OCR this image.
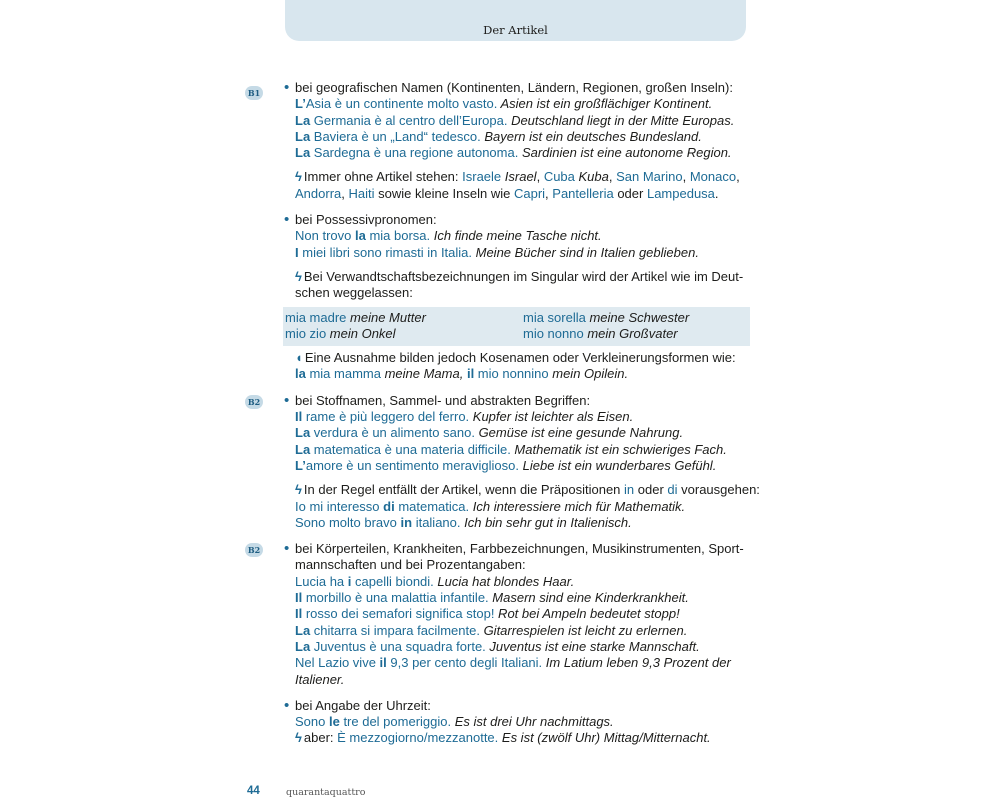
Der Artikel
B1 • bei geografischen Namen (Kontinenten, Ländern, Regionen, großen Inseln):
L’Asia è un continente molto vasto. Asien ist ein großflächiger Kontinent.
La Germania è al centro dell’Europa. Deutschland liegt in der Mitte Europas.
La Baviera è un „Land“ tedesco. Bayern ist ein deutsches Bundesland.
La Sardegna è una regione autonoma. Sardinien ist eine autonome Region.
ϟ Immer ohne Artikel stehen: Israele Israel, Cuba Kuba, San Marino, Monaco,
Andorra, Haiti sowie kleine Inseln wie Capri, Pantelleria oder Lampedusa.
• bei Possessivpronomen:
Non trovo la mia borsa. Ich finde meine Tasche nicht.
I miei libri sono rimasti in Italia. Meine Bücher sind in Italien geblieben.
ϟ Bei Verwandtschaftsbezeichnungen im Singular wird der Artikel wie im Deut-
schen weggelassen:
mia madre meine Mutter	mia sorella meine Schwester
mio zio mein Onkel	mio nonno mein Großvater
◖ Eine Ausnahme bilden jedoch Kosenamen oder Verkleinerungsformen wie:
la mia mamma meine Mama, il mio nonnino mein Opilein.
B2 • bei Stoffnamen, Sammel- und abstrakten Begriffen:
Il rame è più leggero del ferro. Kupfer ist leichter als Eisen.
La verdura è un alimento sano. Gemüse ist eine gesunde Nahrung.
La matematica è una materia difficile. Mathematik ist ein schwieriges Fach.
L’amore è un sentimento meraviglioso. Liebe ist ein wunderbares Gefühl.
ϟ In der Regel entfällt der Artikel, wenn die Präpositionen in oder di vorausgehen:
Io mi interesso di matematica. Ich interessiere mich für Mathematik.
Sono molto bravo in italiano. Ich bin sehr gut in Italienisch.
B2 • bei Körperteilen, Krankheiten, Farbbezeichnungen, Musikinstrumenten, Sport-
mannschaften und bei Prozentangaben:
Lucia ha i capelli biondi. Lucia hat blondes Haar.
Il morbillo è una malattia infantile. Masern sind eine Kinderkrankheit.
Il rosso dei semafori significa stop! Rot bei Ampeln bedeutet stopp!
La chitarra si impara facilmente. Gitarrespielen ist leicht zu erlernen.
La Juventus è una squadra forte. Juventus ist eine starke Mannschaft.
Nel Lazio vive il 9,3 per cento degli Italiani. Im Latium leben 9,3 Prozent der
Italiener.
• bei Angabe der Uhrzeit:
Sono le tre del pomeriggio. Es ist drei Uhr nachmittags.
ϟ aber: È mezzogiorno/mezzanotte. Es ist (zwölf Uhr) Mittag/Mitternacht.
44	quarantaquattro
